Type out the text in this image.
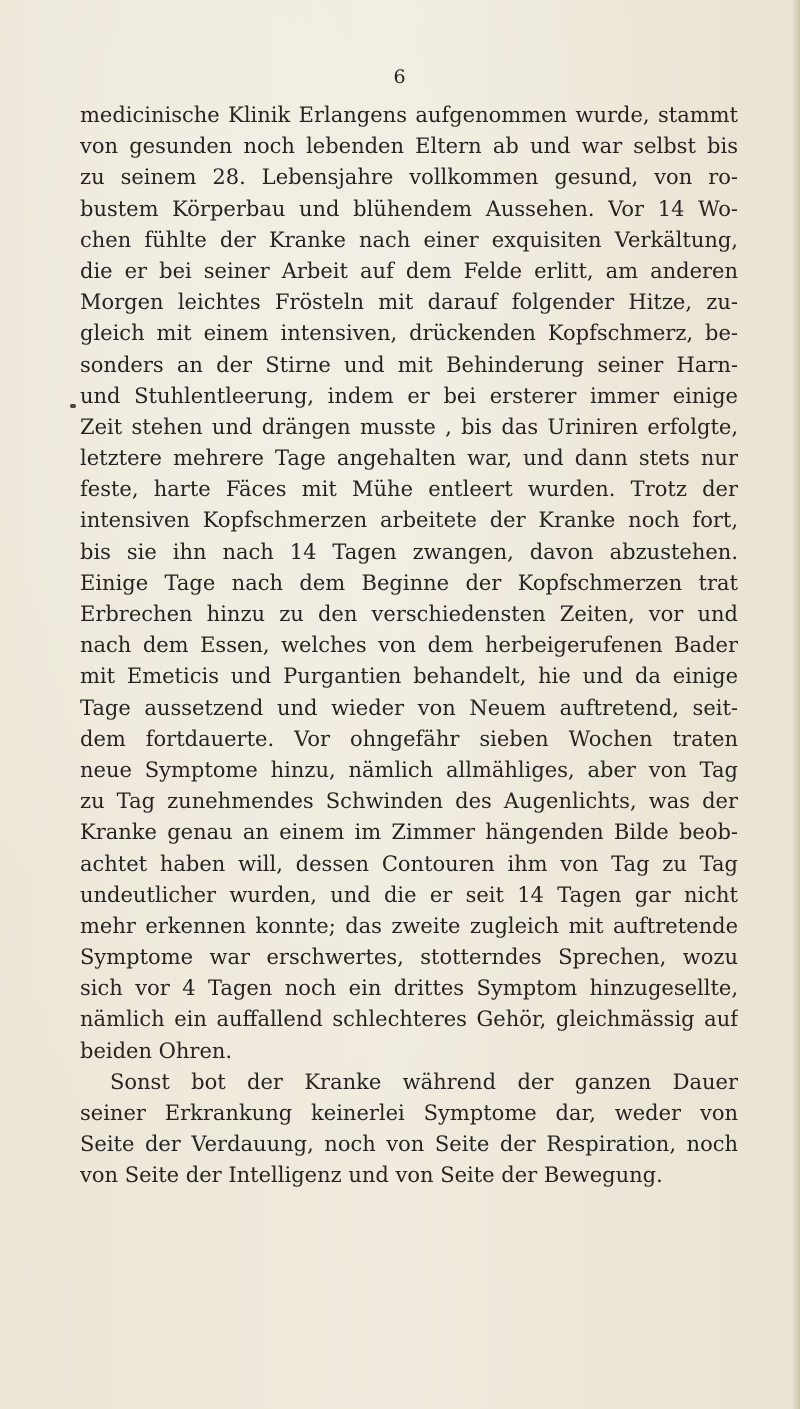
6
medicinische Klinik Erlangens aufgenommen wurde, stammt
von gesunden noch lebenden Eltern ab und war selbst bis
zu seinem 28. Lebensjahre vollkommen gesund, von ro-
bustem Körperbau und blühendem Aussehen. Vor 14 Wo-
chen fühlte der Kranke nach einer exquisiten Verkältung,
die er bei seiner Arbeit auf dem Felde erlitt, am anderen
Morgen leichtes Frösteln mit darauf folgender Hitze, zu-
gleich mit einem intensiven, drückenden Kopfschmerz, be-
sonders an der Stirne und mit Behinderung seiner Harn-
und Stuhlentleerung, indem er bei ersterer immer einige
Zeit stehen und drängen musste , bis das Uriniren erfolgte,
letztere mehrere Tage angehalten war, und dann stets nur
feste, harte Fäces mit Mühe entleert wurden. Trotz der
intensiven Kopfschmerzen arbeitete der Kranke noch fort,
bis sie ihn nach 14 Tagen zwangen, davon abzustehen.
Einige Tage nach dem Beginne der Kopfschmerzen trat
Erbrechen hinzu zu den verschiedensten Zeiten, vor und
nach dem Essen, welches von dem herbeigerufenen Bader
mit Emeticis und Purgantien behandelt, hie und da einige
Tage aussetzend und wieder von Neuem auftretend, seit-
dem fortdauerte. Vor ohngefähr sieben Wochen traten
neue Symptome hinzu, nämlich allmähliges, aber von Tag
zu Tag zunehmendes Schwinden des Augenlichts, was der
Kranke genau an einem im Zimmer hängenden Bilde beob-
achtet haben will, dessen Contouren ihm von Tag zu Tag
undeutlicher wurden, und die er seit 14 Tagen gar nicht
mehr erkennen konnte; das zweite zugleich mit auftretende
Symptome war erschwertes, stotterndes Sprechen, wozu
sich vor 4 Tagen noch ein drittes Symptom hinzugesellte,
nämlich ein auffallend schlechteres Gehör, gleichmässig auf
beiden Ohren.
Sonst bot der Kranke während der ganzen Dauer
seiner Erkrankung keinerlei Symptome dar, weder von
Seite der Verdauung, noch von Seite der Respiration, noch
von Seite der Intelligenz und von Seite der Bewegung.
